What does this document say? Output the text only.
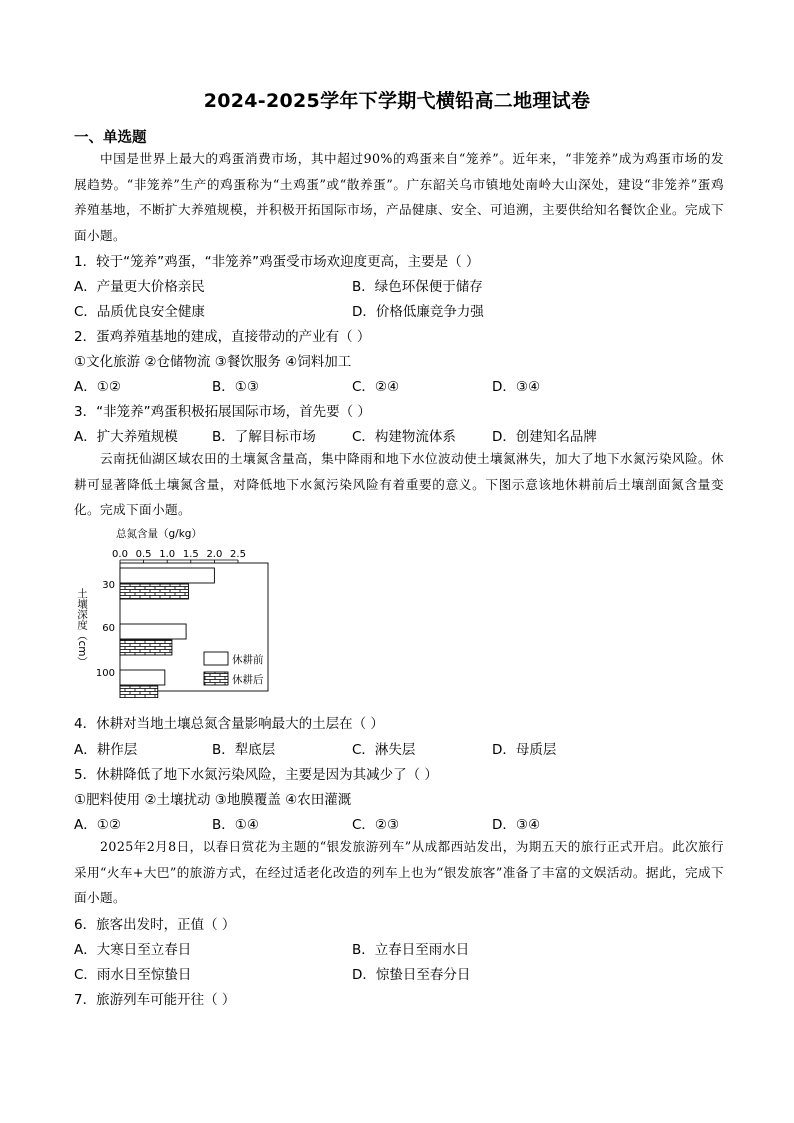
2024-2025学年下学期弋横铅高二地理试卷
一、单选题
中国是世界上最大的鸡蛋消费市场，其中超过90%的鸡蛋来自“笼养”。近年来，“非笼养”成为鸡蛋市场的发展趋势。“非笼养”生产的鸡蛋称为“土鸡蛋”或“散养蛋”。广东韶关乌市镇地处南岭大山深处，建设“非笼养”蛋鸡养殖基地，不断扩大养殖规模，并积极开拓国际市场，产品健康、安全、可追溯，主要供给知名餐饮企业。完成下面小题。
1．较于“笼养”鸡蛋，“非笼养”鸡蛋受市场欢迎度更高，主要是（ ）
A．产量更大价格亲民	B．绿色环保便于储存
C．品质优良安全健康	D．价格低廉竞争力强
2．蛋鸡养殖基地的建成，直接带动的产业有（ ）
①文化旅游 ②仓储物流 ③餐饮服务 ④饲料加工
A．①②	B．①③	C．②④	D．③④
3．“非笼养”鸡蛋积极拓展国际市场，首先要（ ）
A．扩大养殖规模	B．了解目标市场	C．构建物流体系	D．创建知名品牌
云南抚仙湖区域农田的土壤氮含量高，集中降雨和地下水位波动使土壤氮淋失，加大了地下水氮污染风险。休耕可显著降低土壤氮含量，对降低地下水氮污染风险有着重要的意义。下图示意该地休耕前后土壤剖面氮含量变化。完成下面小题。
总氮含量（g/kg）
0.0 0.5 1.0 1.5 2.0 2.5
30
60
100
土壤深度（cm）	休耕前
休耕后
4．休耕对当地土壤总氮含量影响最大的土层在（ ）
A．耕作层	B．犁底层	C．淋失层	D．母质层
5．休耕降低了地下水氮污染风险，主要是因为其减少了（ ）
①肥料使用 ②土壤扰动 ③地膜覆盖 ④农田灌溉
A．①②	B．①④	C．②③	D．③④
2025年2月8日，以春日赏花为主题的“银发旅游列车”从成都西站发出，为期五天的旅行正式开启。此次旅行采用“火车+大巴”的旅游方式，在经过适老化改造的列车上也为“银发旅客”准备了丰富的文娱活动。据此，完成下面小题。
6．旅客出发时，正值（ ）
A．大寒日至立春日	B．立春日至雨水日
C．雨水日至惊蛰日	D．惊蛰日至春分日
7．旅游列车可能开往（ ）
